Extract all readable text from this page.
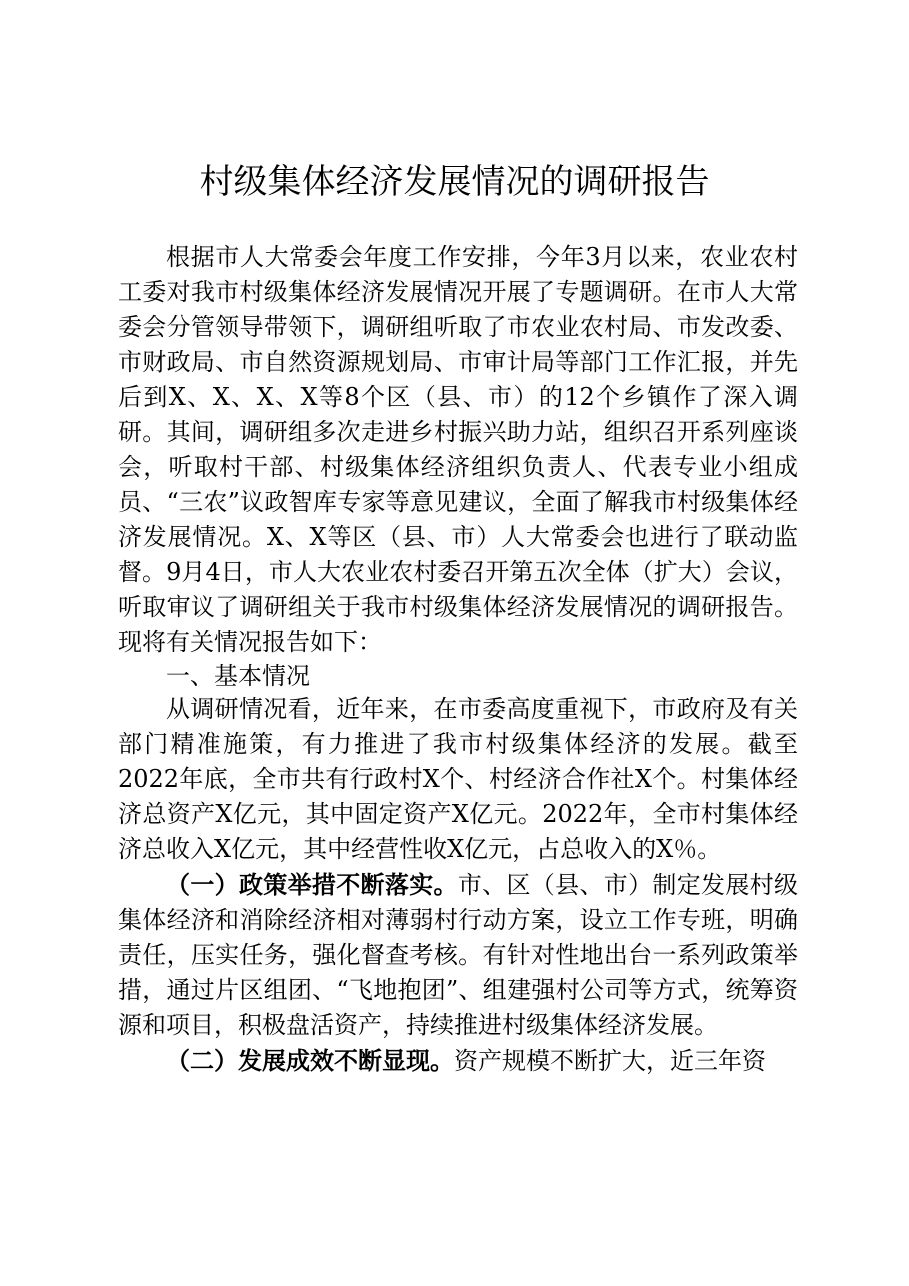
村级集体经济发展情况的调研报告

根据市人大常委会年度工作安排，今年3月以来，农业农村工委对我市村级集体经济发展情况开展了专题调研。在市人大常委会分管领导带领下，调研组听取了市农业农村局、市发改委、市财政局、市自然资源规划局、市审计局等部门工作汇报，并先后到X、X、X、X等8个区（县、市）的12个乡镇作了深入调研。其间，调研组多次走进乡村振兴助力站，组织召开系列座谈会，听取村干部、村级集体经济组织负责人、代表专业小组成员、“三农”议政智库专家等意见建议，全面了解我市村级集体经济发展情况。X、X等区（县、市）人大常委会也进行了联动监督。9月4日，市人大农业农村委召开第五次全体（扩大）会议，听取审议了调研组关于我市村级集体经济发展情况的调研报告。现将有关情况报告如下：

一、基本情况

从调研情况看，近年来，在市委高度重视下，市政府及有关部门精准施策，有力推进了我市村级集体经济的发展。截至2022年底，全市共有行政村X个、村经济合作社X个。村集体经济总资产X亿元，其中固定资产X亿元。2022年，全市村集体经济总收入X亿元，其中经营性收X亿元，占总收入的X％。

（一）政策举措不断落实。市、区（县、市）制定发展村级集体经济和消除经济相对薄弱村行动方案，设立工作专班，明确责任，压实任务，强化督查考核。有针对性地出台一系列政策举措，通过片区组团、“飞地抱团”、组建强村公司等方式，统筹资源和项目，积极盘活资产，持续推进村级集体经济发展。

（二）发展成效不断显现。资产规模不断扩大，近三年资
